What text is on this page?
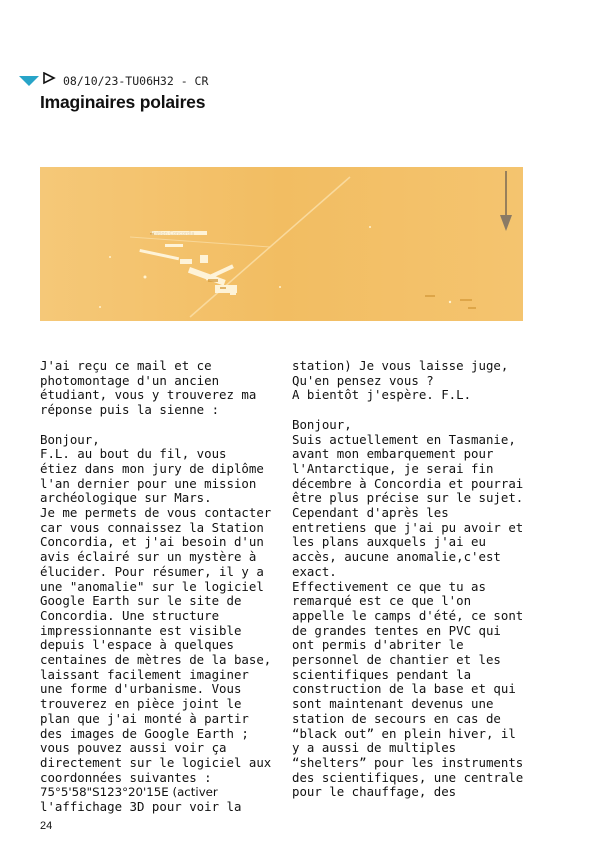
08/10/23-TU06H32 - CR
Imaginaires polaires
Station Concordia

J'ai reçu ce mail et ce

photomontage d'un ancien

étudiant, vous y trouverez ma

réponse puis la sienne :

Bonjour,

F.L. au bout du fil, vous

étiez dans mon jury de diplôme

l'an dernier pour une mission

archéologique sur Mars.

Je me permets de vous contacter

car vous connaissez la Station

Concordia, et j'ai besoin d'un

avis éclairé sur un mystère à

élucider. Pour résumer, il y a

une "anomalie" sur le logiciel

Google Earth sur le site de

Concordia. Une structure

impressionnante est visible

depuis l'espace à quelques

centaines de mètres de la base,

laissant facilement imaginer

une forme d'urbanisme. Vous

trouverez en pièce joint le

plan que j'ai monté à partir

des images de Google Earth ;

vous pouvez aussi voir ça

directement sur le logiciel aux

coordonnées suivantes :

75°5'58"S123°20'15E (activer

l'affichage 3D pour voir la

station) Je vous laisse juge,

Qu'en pensez vous ?

A bientôt j'espère. F.L.

Bonjour,

Suis actuellement en Tasmanie,

avant mon embarquement pour

l'Antarctique, je serai fin

décembre à Concordia et pourrai

être plus précise sur le sujet.

Cependant d'après les

entretiens que j'ai pu avoir et

les plans auxquels j'ai eu

accès, aucune anomalie,c'est

exact.

Effectivement ce que tu as

remarqué est ce que l'on

appelle le camps d'été, ce sont

de grandes tentes en PVC qui

ont permis d'abriter le

personnel de chantier et les

scientifiques pendant la

construction de la base et qui

sont maintenant devenus une

station de secours en cas de

“black out” en plein hiver, il

y a aussi de multiples

“shelters” pour les instruments

des scientifiques, une centrale

pour le chauffage, des

24
